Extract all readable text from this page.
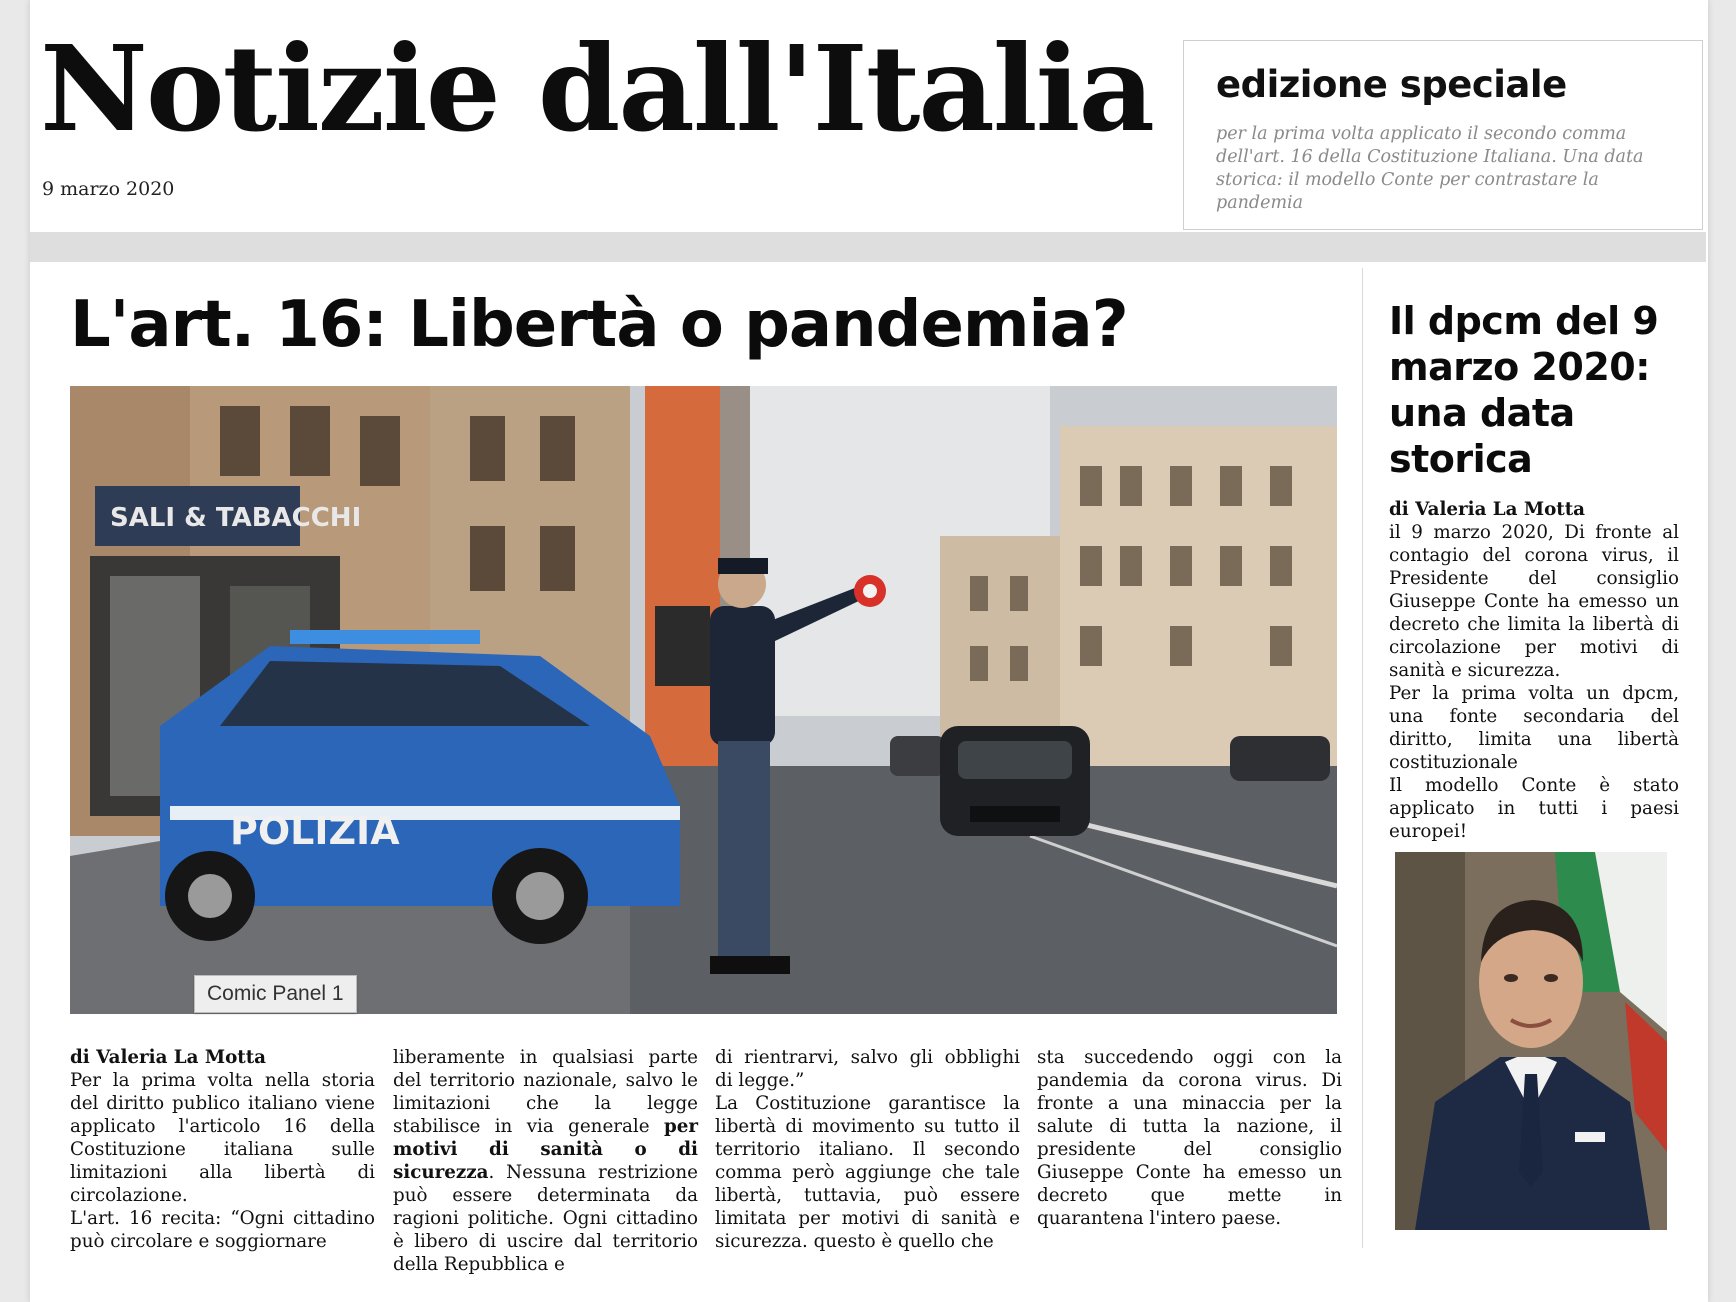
Notizie dall'Italia
9 marzo 2020
edizione speciale
per la prima volta applicato il secondo comma dell'art. 16 della Costituzione Italiana. Una data storica: il modello Conte per contrastare la pandemia
L'art. 16: Libertà o pandemia?
SALI & TABACCHI
POLIZIA
Comic Panel 1
di Valeria La Motta
Per la prima volta nella storia del diritto publico italiano viene applicato l'articolo 16 della Costituzione italiana sulle limitazioni alla libertà di circolazione.
L'art. 16 recita: “Ogni cittadino può circolare e soggiornare
liberamente in qualsiasi parte del territorio nazionale, salvo le limitazioni che la legge stabilisce in via generale per motivi di sanità o di sicurezza. Nessuna restrizione può essere determinata da ragioni politiche. Ogni cittadino è libero di uscire dal territorio della Repubblica e
di rientrarvi, salvo gli obblighi di legge.”
La Costituzione garantisce la libertà di movimento su tutto il territorio italiano. Il secondo comma però aggiunge che tale libertà, tuttavia, può essere limitata per motivi di sanità e sicurezza. questo è quello che
sta succedendo oggi con la pandemia da corona virus. Di fronte a una minaccia per la salute di tutta la nazione, il presidente del consiglio Giuseppe Conte ha emesso un decreto que mette in quarantena l'intero paese.
Il dpcm del 9 marzo 2020: una data storica
di Valeria La Motta
il 9 marzo 2020, Di fronte al contagio del corona virus, il Presidente del consiglio Giuseppe Conte ha emesso un decreto che limita la libertà di circolazione per motivi di sanità e sicurezza.
Per la prima volta un dpcm, una fonte secondaria del diritto, limita una libertà costituzionale
Il modello Conte è stato applicato in tutti i paesi europei!
